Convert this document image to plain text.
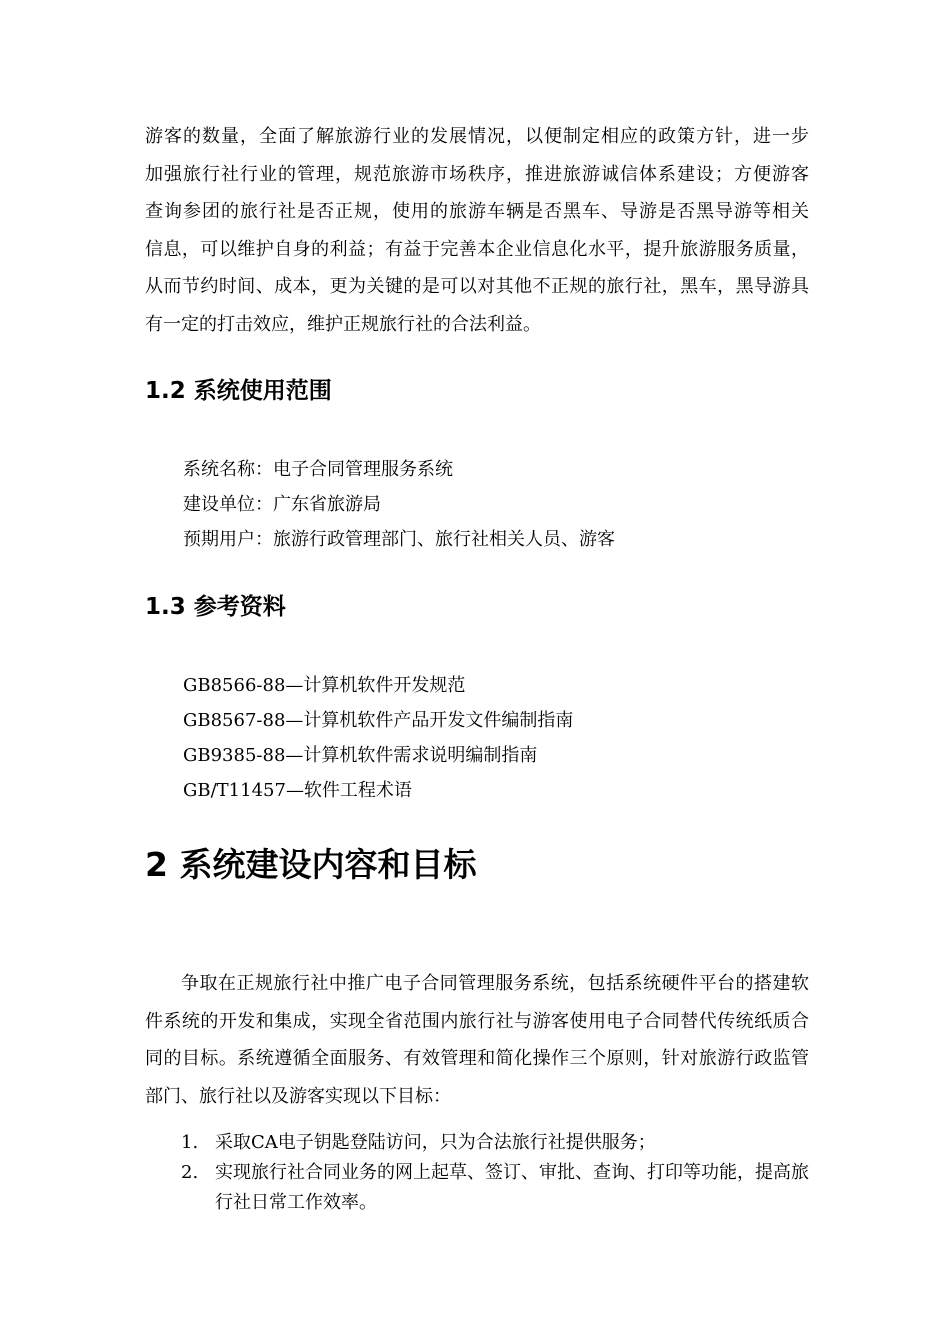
游客的数量，全面了解旅游行业的发展情况，以便制定相应的政策方针，进一步
加强旅行社行业的管理，规范旅游市场秩序，推进旅游诚信体系建设；方便游客
查询参团的旅行社是否正规，使用的旅游车辆是否黑车、导游是否黑导游等相关
信息，可以维护自身的利益；有益于完善本企业信息化水平，提升旅游服务质量，
从而节约时间、成本，更为关键的是可以对其他不正规的旅行社，黑车，黑导游具
有一定的打击效应，维护正规旅行社的合法利益。
1.2 系统使用范围
系统名称：电子合同管理服务系统
建设单位：广东省旅游局
预期用户：旅游行政管理部门、旅行社相关人员、游客
1.3 参考资料
GB8566-88—计算机软件开发规范
GB8567-88—计算机软件产品开发文件编制指南
GB9385-88—计算机软件需求说明编制指南
GB/T11457—软件工程术语
2 系统建设内容和目标

争取在正规旅行社中推广电子合同管理服务系统，包括系统硬件平台的搭建软件系统的开发和集成，实现全省范围内旅行社与游客使用电子合同替代传统纸质合同的目标。系统遵循全面服务、有效管理和简化操作三个原则，针对旅游行政监管部门、旅行社以及游客实现以下目标：

1. 采取CA电子钥匙登陆访问，只为合法旅行社提供服务；
2. 实现旅行社合同业务的网上起草、签订、审批、查询、打印等功能，提高旅行社日常工作效率。
